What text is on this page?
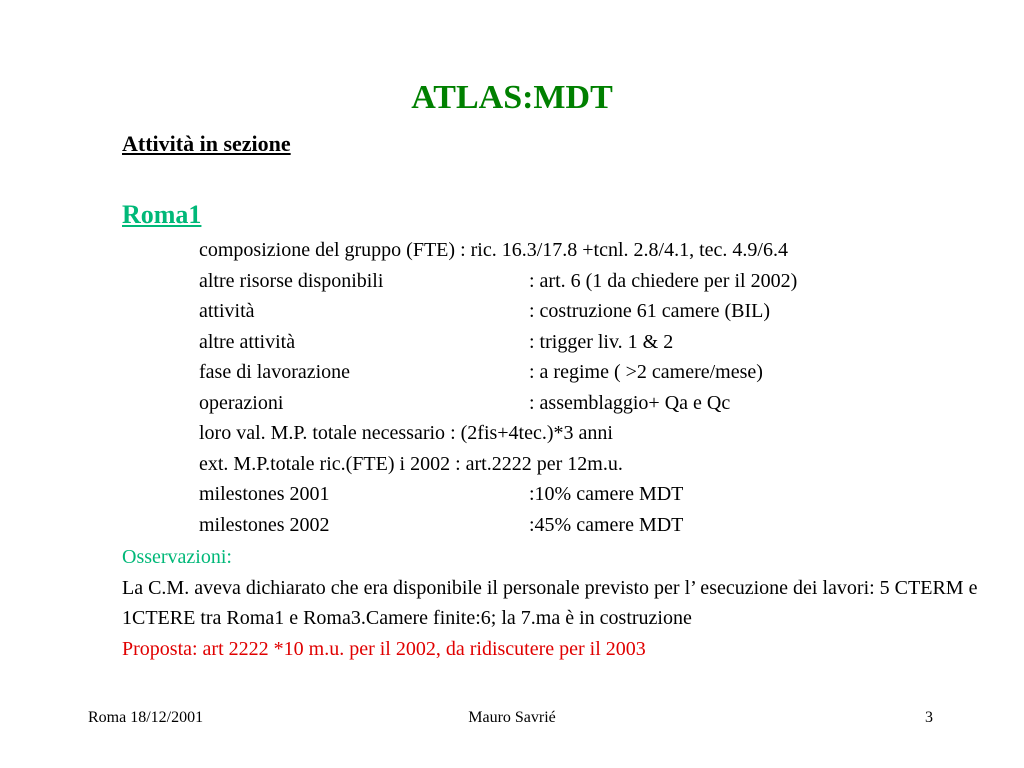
ATLAS:MDT
Attività in sezione
Roma1
composizione del gruppo (FTE) : ric. 16.3/17.8 +tcnl. 2.8/4.1, tec. 4.9/6.4
altre risorse disponibili	: art. 6 (1 da chiedere per il 2002)
attività	: costruzione 61 camere (BIL)
altre attività	: trigger liv. 1 & 2
fase di lavorazione	: a regime ( >2 camere/mese)
operazioni	: assemblaggio+ Qa e Qc
loro val. M.P. totale necessario : (2fis+4tec.)*3 anni
ext. M.P.totale ric.(FTE) i 2002 : art.2222 per 12m.u.
milestones 2001	:10% camere MDT
milestones 2002	:45% camere MDT
Osservazioni:
La C.M. aveva dichiarato che era disponibile il personale previsto per l’ esecuzione dei lavori: 5 CTERM e 1CTERE tra Roma1 e Roma3.Camere finite:6; la 7.ma è in costruzione
Proposta: art 2222 *10 m.u. per il 2002, da ridiscutere per il 2003
Mauro Savrié
Roma 18/12/2001	3
